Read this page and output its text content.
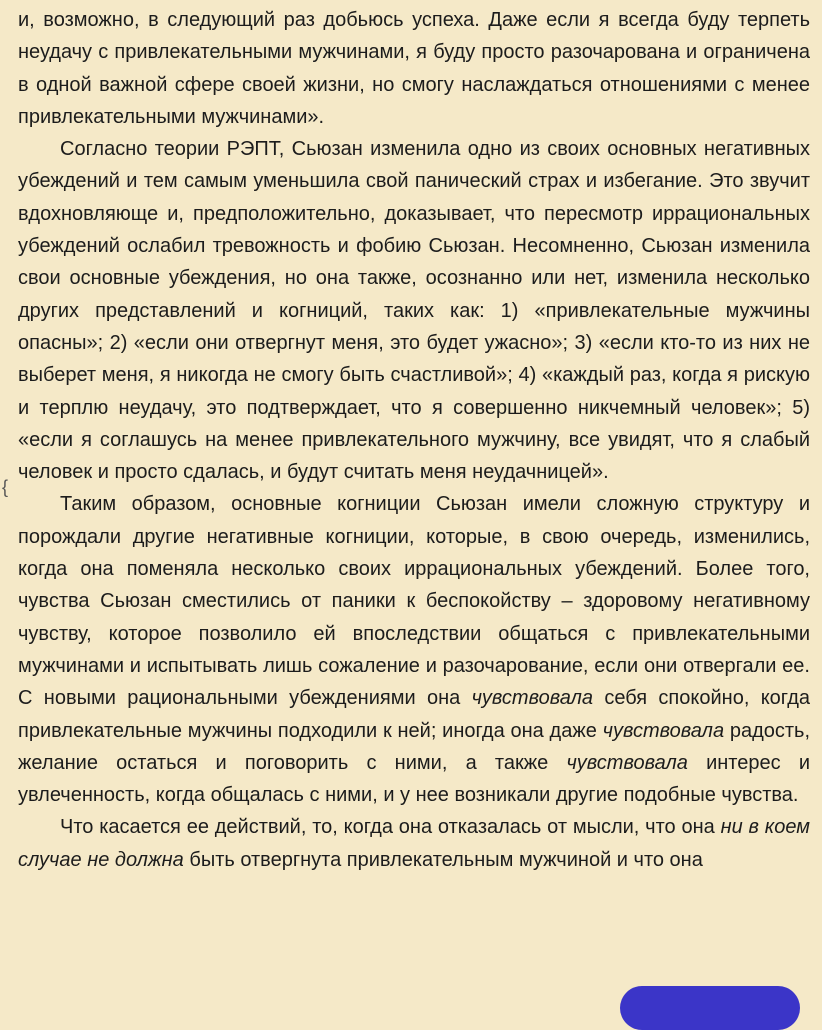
и, возможно, в следующий раз добьюсь успеха. Даже если я всегда буду терпеть неудачу с привлекательными мужчинами, я буду просто разочарована и ограничена в одной важной сфере своей жизни, но смогу наслаждаться отношениями с менее привлекательными мужчинами».

Согласно теории РЭПТ, Сьюзан изменила одно из своих основных негативных убеждений и тем самым уменьшила свой панический страх и избегание. Это звучит вдохновляюще и, предположительно, доказывает, что пересмотр иррациональных убеждений ослабил тревожность и фобию Сьюзан. Несомненно, Сьюзан изменила свои основные убеждения, но она также, осознанно или нет, изменила несколько других представлений и когниций, таких как: 1) «привлекательные мужчины опасны»; 2) «если они отвергнут меня, это будет ужасно»; 3) «если кто-то из них не выберет меня, я никогда не смогу быть счастливой»; 4) «каждый раз, когда я рискую и терплю неудачу, это подтверждает, что я совершенно никчемный человек»; 5) «если я соглашусь на менее привлекательного мужчину, все увидят, что я слабый человек и просто сдалась, и будут считать меня неудачницей».

Таким образом, основные когниции Сьюзан имели сложную структуру и порождали другие негативные когниции, которые, в свою очередь, изменились, когда она поменяла несколько своих иррациональных убеждений. Более того, чувства Сьюзан сместились от паники к беспокойству – здоровому негативному чувству, которое позволило ей впоследствии общаться с привлекательными мужчинами и испытывать лишь сожаление и разочарование, если они отвергали ее. С новыми рациональными убеждениями она чувствовала себя спокойно, когда привлекательные мужчины подходили к ней; иногда она даже чувствовала радость, желание остаться и поговорить с ними, а также чувствовала интерес и увлеченность, когда общалась с ними, и у нее возникали другие подобные чувства.

Что касается ее действий, то, когда она отказалась от мысли, что она ни в коем случае не должна быть отвергнута привлекательным мужчиной и что она

{
